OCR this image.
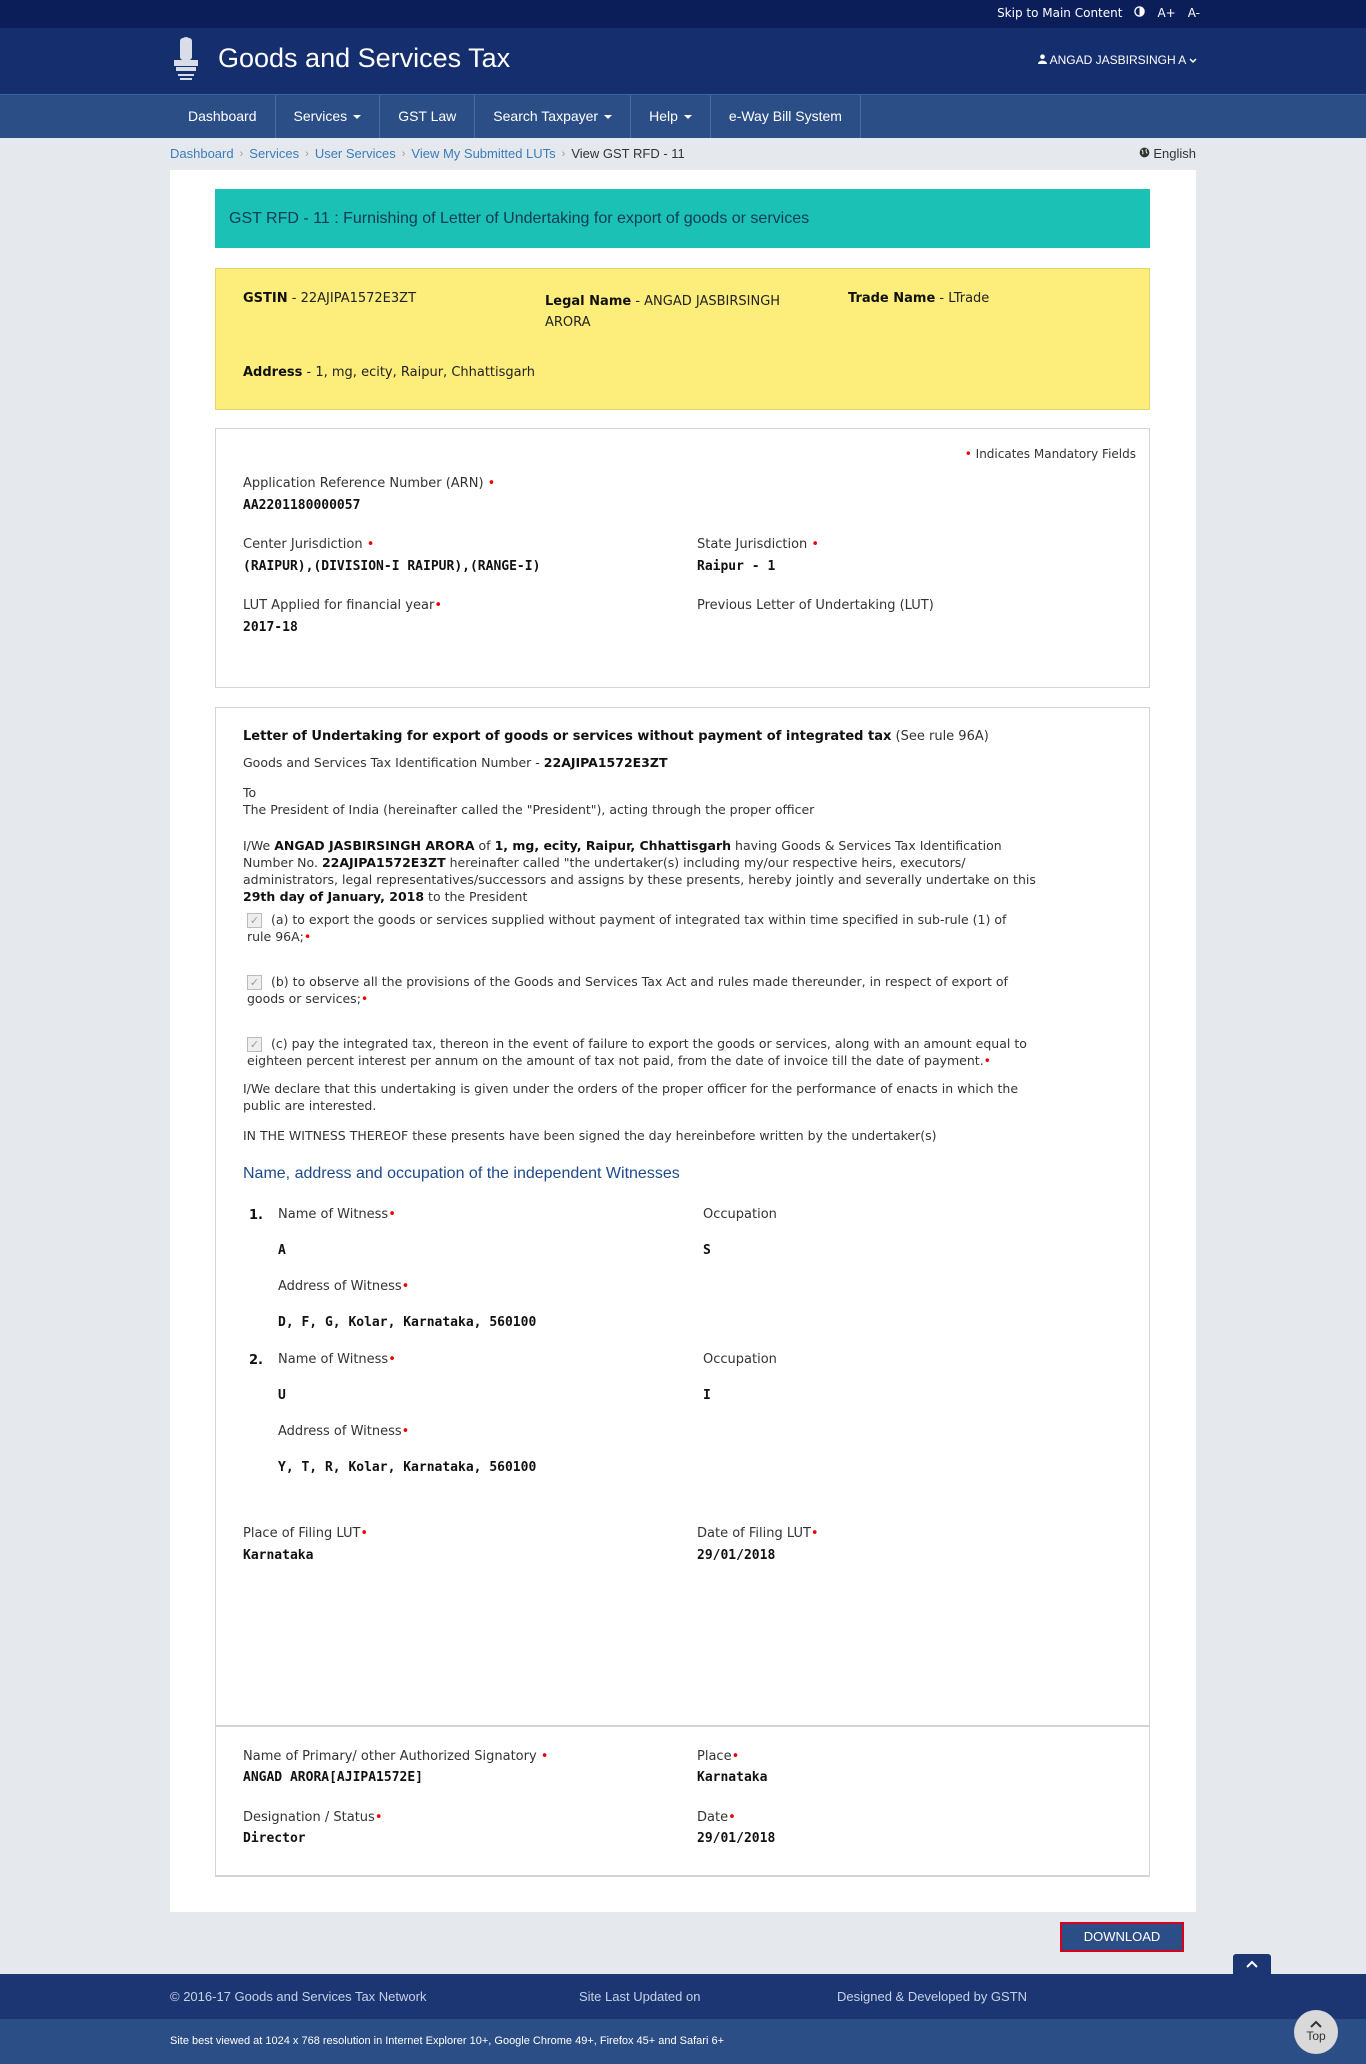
Skip to Main Content	A+ A-
Goods and Services Tax	ANGAD JASBIRSINGH A
Dashboard	Services	GST Law	Search Taxpayer	Help	e-Way Bill System
Dashboard › Services › User Services › View My Submitted LUTs › View GST RFD - 11	English
GST RFD - 11 : Furnishing of Letter of Undertaking for export of goods or services
GSTIN - 22AJIPA1572E3ZT	Legal Name - ANGAD JASBIRSINGH
ARORA
Trade Name - LTrade
Address - 1, mg, ecity, Raipur, Chhattisgarh
• Indicates Mandatory Fields
Application Reference Number (ARN) •
AA2201180000057
Center Jurisdiction •
(RAIPUR),(DIVISION-I RAIPUR),(RANGE-I)
State Jurisdiction •
Raipur - 1
LUT Applied for financial year•
2017-18
Previous Letter of Undertaking (LUT)
Letter of Undertaking for export of goods or services without payment of integrated tax (See rule 96A)
Goods and Services Tax Identification Number - 22AJIPA1572E3ZT
To
The President of India (hereinafter called the "President"), acting through the proper officer
I/We ANGAD JASBIRSINGH ARORA of 1, mg, ecity, Raipur, Chhattisgarh having Goods & Services Tax Identification
Number No. 22AJIPA1572E3ZT hereinafter called "the undertaker(s) including my/our respective heirs, executors/
administrators, legal representatives/successors and assigns by these presents, hereby jointly and severally undertake on this
29th day of January, 2018 to the President
✓ (a) to export the goods or services supplied without payment of integrated tax within time specified in sub-rule (1) of
rule 96A;•
✓ (b) to observe all the provisions of the Goods and Services Tax Act and rules made thereunder, in respect of export of
goods or services;•
✓ (c) pay the integrated tax, thereon in the event of failure to export the goods or services, along with an amount equal to
eighteen percent interest per annum on the amount of tax not paid, from the date of invoice till the date of payment.•
I/We declare that this undertaking is given under the orders of the proper officer for the performance of enacts in which the
public are interested.
IN THE WITNESS THEREOF these presents have been signed the day hereinbefore written by the undertaker(s)
Name, address and occupation of the independent Witnesses
1. Name of Witness•	Occupation
A	S
Address of Witness•
D, F, G, Kolar, Karnataka, 560100
2. Name of Witness•	Occupation
U	I
Address of Witness•
Y, T, R, Kolar, Karnataka, 560100
Place of Filing LUT•
Karnataka
Date of Filing LUT•
29/01/2018
Name of Primary/ other Authorized Signatory •
ANGAD ARORA[AJIPA1572E]
Place•
Karnataka
Designation / Status•
Director
Date•
29/01/2018
DOWNLOAD
© 2016-17 Goods and Services Tax Network	Site Last Updated on	Designed & Developed by GSTN
Site best viewed at 1024 x 768 resolution in Internet Explorer 10+, Google Chrome 49+, Firefox 45+ and Safari 6+	Top
